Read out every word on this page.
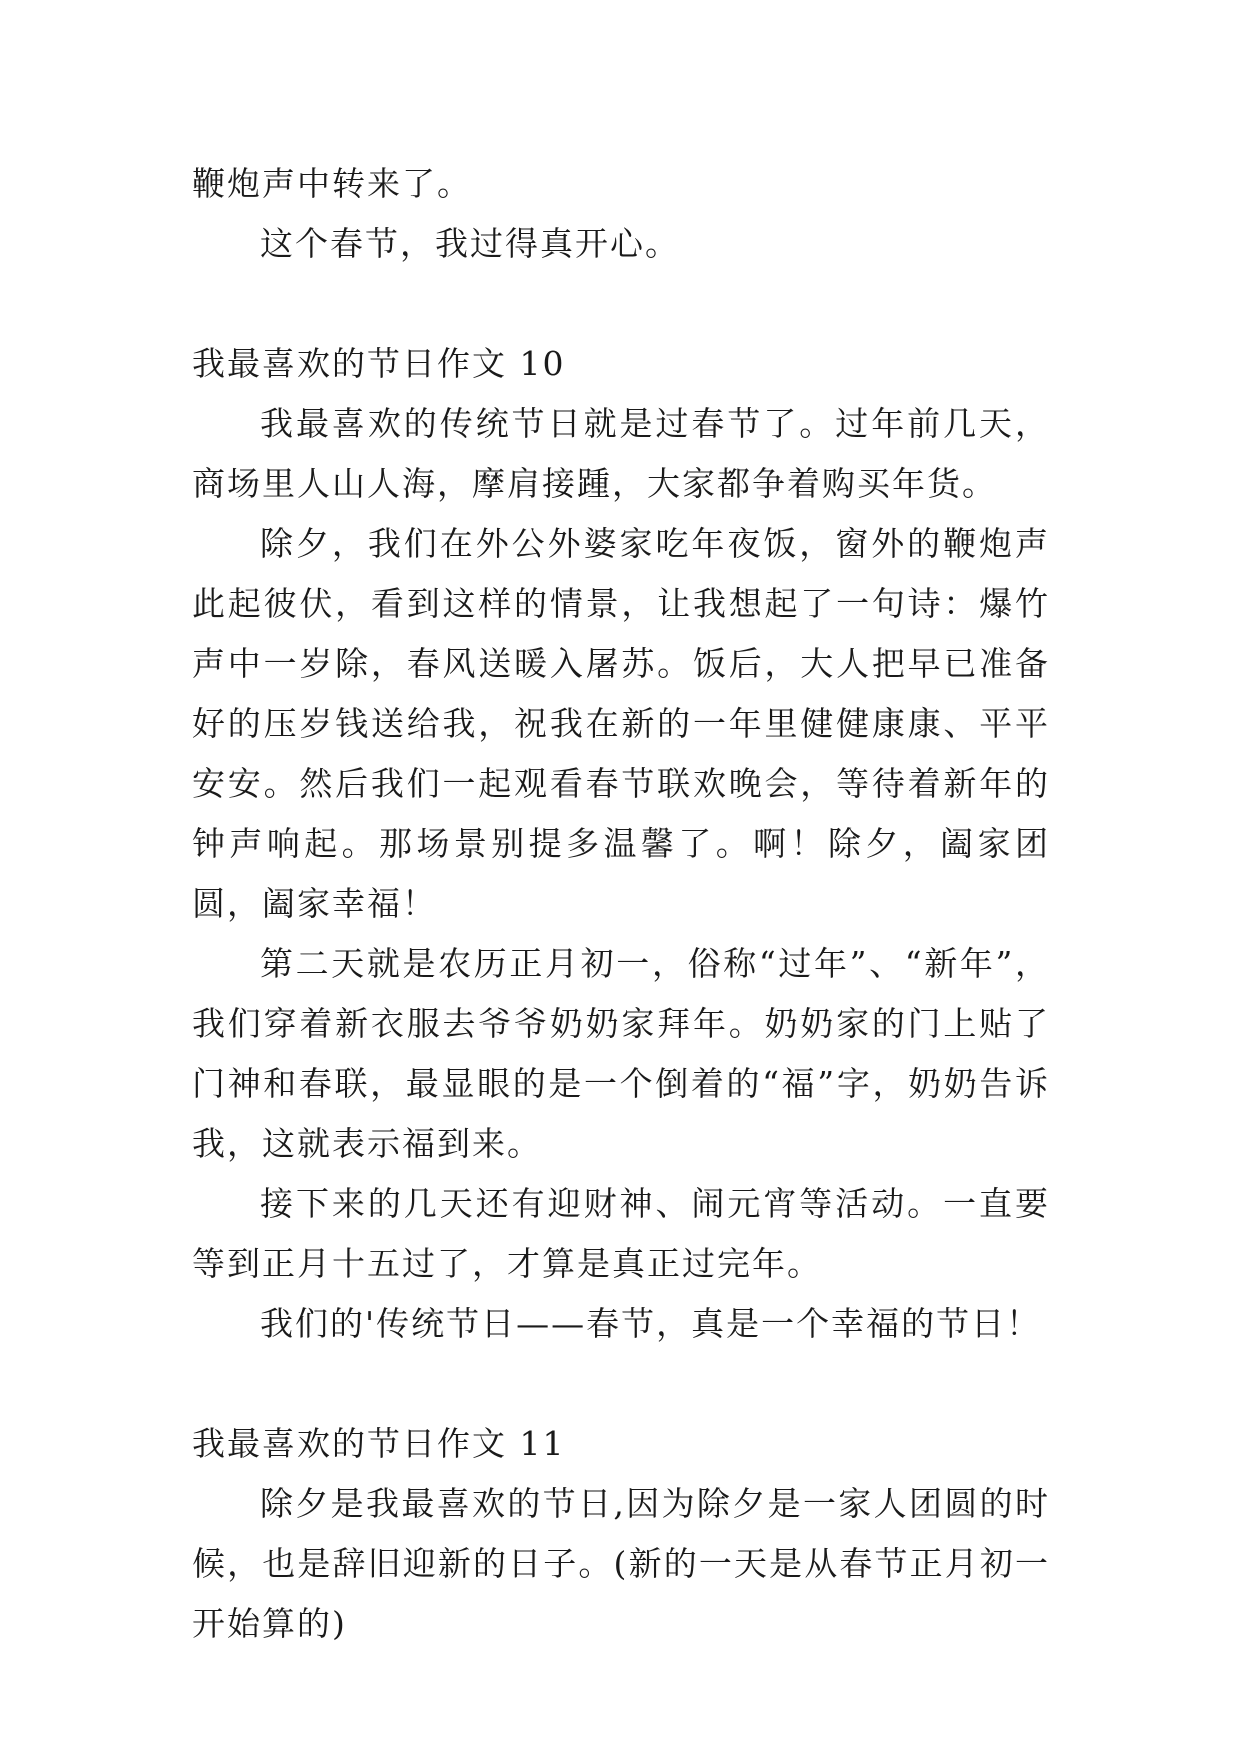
鞭炮声中转来了。

这个春节，我过得真开心。

我最喜欢的节日作文 10

我最喜欢的传统节日就是过春节了。过年前几天，商场里人山人海，摩肩接踵，大家都争着购买年货。

除夕，我们在外公外婆家吃年夜饭，窗外的鞭炮声此起彼伏，看到这样的情景，让我想起了一句诗：爆竹声中一岁除，春风送暖入屠苏。饭后，大人把早已准备好的压岁钱送给我，祝我在新的一年里健健康康、平平安安。然后我们一起观看春节联欢晚会，等待着新年的钟声响起。那场景别提多温馨了。啊！除夕，阖家团圆，阖家幸福！

第二天就是农历正月初一，俗称“过年”、“新年”，我们穿着新衣服去爷爷奶奶家拜年。奶奶家的门上贴了门神和春联，最显眼的是一个倒着的“福”字，奶奶告诉我，这就表示福到来。

接下来的几天还有迎财神、闹元宵等活动。一直要等到正月十五过了，才算是真正过完年。

我们的'传统节日——春节，真是一个幸福的节日！

我最喜欢的节日作文 11

除夕是我最喜欢的节日,因为除夕是一家人团圆的时候，也是辞旧迎新的日子。(新的一天是从春节正月初一开始算的)
